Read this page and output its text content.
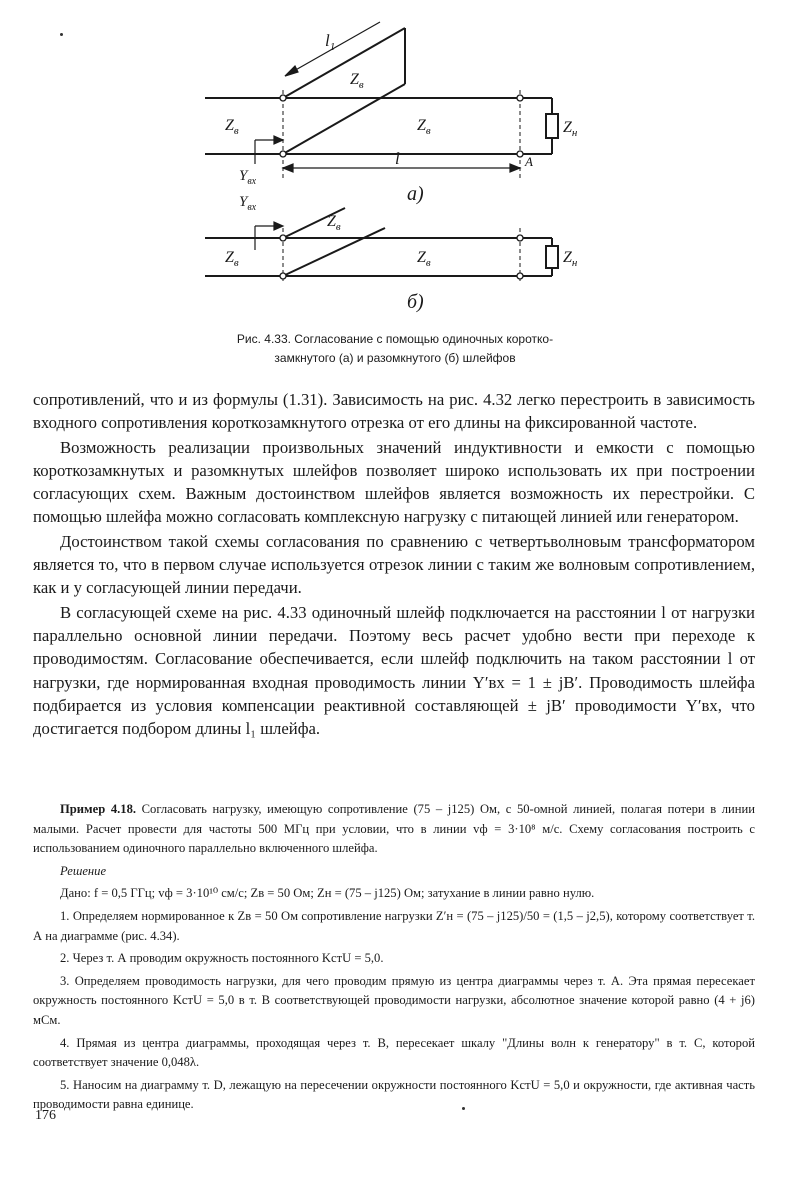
$l_1$
$Z_в$
$Z_в$	$Z_в$	$Z_н$
l	A
$Y_{вх}$
а)
$Y_{вх}$
$Z_в$
$Z_в$	$Z_в$	$Z_н$
б)
Рис. 4.33. Согласование с помощью одиночных коротко-
замкнутого (а) и разомкнутого (б) шлейфов

сопротивлений, что и из формулы (1.31). Зависимость на рис. 4.32 легко перестроить в зависимость входного сопротивления короткозамкнутого отрезка от его длины на фиксированной частоте.

Возможность реализации произвольных значений индуктивности и емкости с помощью короткозамкнутых и разомкнутых шлейфов позволяет широко использовать их при построении согласующих схем. Важным достоинством шлейфов является возможность их перестройки. С помощью шлейфа можно согласовать комплексную нагрузку с питающей линией или генератором.

Достоинством такой схемы согласования по сравнению с четвертьволновым трансформатором является то, что в первом случае используется отрезок линии с таким же волновым сопротивлением, как и у согласующей линии передачи.

В согласующей схеме на рис. 4.33 одиночный шлейф подключается на расстоянии l от нагрузки параллельно основной линии передачи. Поэтому весь расчет удобно вести при переходе к проводимостям. Согласование обеспечивается, если шлейф подключить на таком расстоянии l от нагрузки, где нормированная входная проводимость линии Y′вх = 1 ± jB′. Проводимость шлейфа подбирается из условия компенсации реактивной составляющей ± jB′ проводимости Y′вх, что достигается подбором длины l₁ шлейфа.

Пример 4.18. Согласовать нагрузку, имеющую сопротивление (75 – j125) Ом, с 50-омной линией, полагая потери в линии малыми. Расчет провести для частоты 500 МГц при условии, что в линии vф = 3·10⁸ м/с. Схему согласования построить с использованием одиночного параллельно включенного шлейфа.

Решение

Дано: f = 0,5 ГГц; vф = 3·10¹⁰ см/с; Zв = 50 Ом; Zн = (75 – j125) Ом; затухание в линии равно нулю.

1. Определяем нормированное к Zв = 50 Ом сопротивление нагрузки Z′н = (75 – j125)/50 = (1,5 – j2,5), которому соответствует т. А на диаграмме (рис. 4.34).

2. Через т. А проводим окружность постоянного KстU = 5,0.

3. Определяем проводимость нагрузки, для чего проводим прямую из центра диаграммы через т. А. Эта прямая пересекает окружность постоянного KстU = 5,0 в т. В соответствующей проводимости нагрузки, абсолютное значение которой равно (4 + j6) мСм.

4. Прямая из центра диаграммы, проходящая через т. В, пересекает шкалу "Длины волн к генератору" в т. С, которой соответствует значение 0,048λ.

5. Наносим на диаграмму т. D, лежащую на пересечении окружности постоянного KстU = 5,0 и окружности, где активная часть проводимости равна единице.

176
